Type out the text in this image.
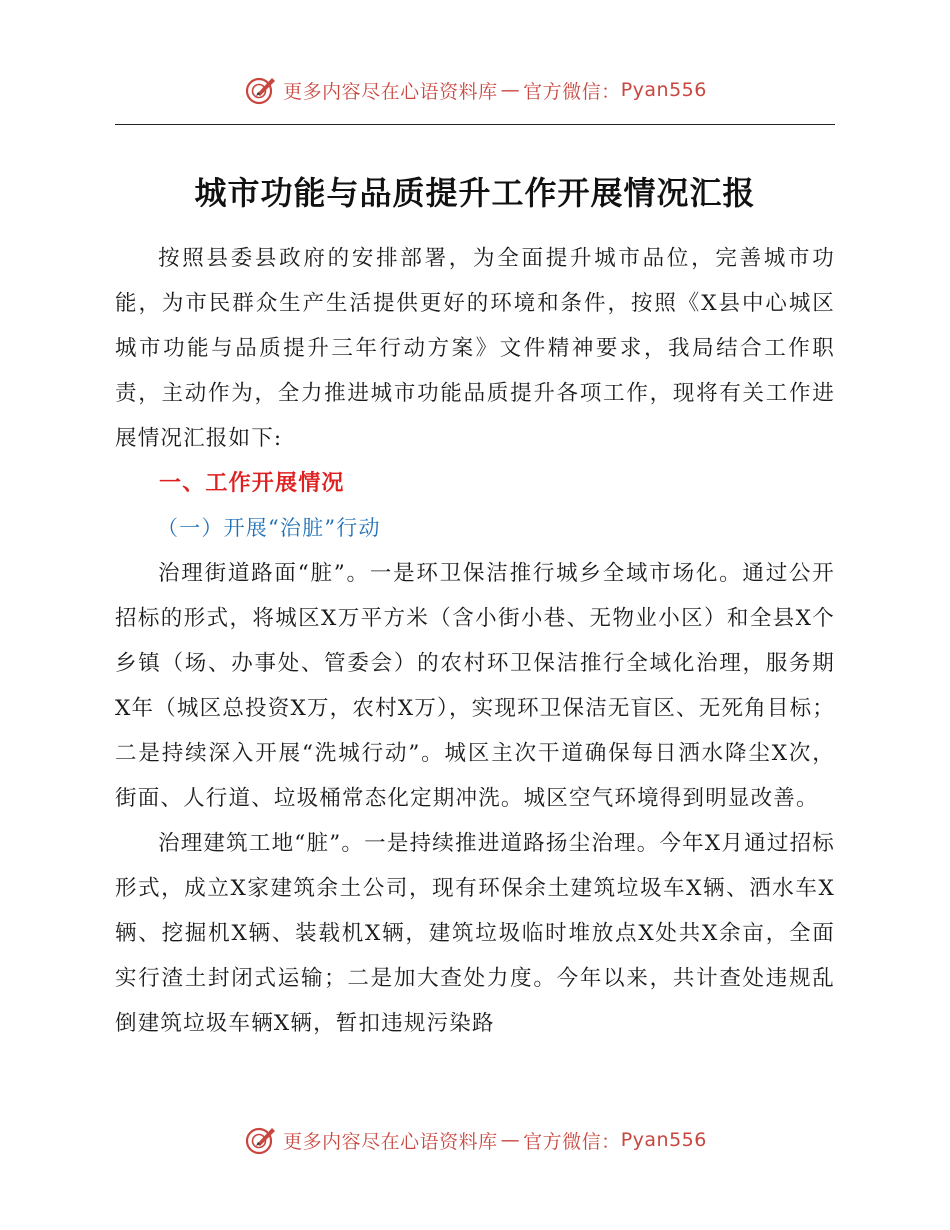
更多内容尽在心语资料库 — 官方微信： Pyan556
城市功能与品质提升工作开展情况汇报

按照县委县政府的安排部署，为全面提升城市品位，完善城市功能，为市民群众生产生活提供更好的环境和条件，按照《X县中心城区城市功能与品质提升三年行动方案》文件精神要求，我局结合工作职责，主动作为，全力推进城市功能品质提升各项工作，现将有关工作进展情况汇报如下:

一、工作开展情况

（一）开展“治脏”行动

治理街道路面“脏”。一是环卫保洁推行城乡全域市场化。通过公开招标的形式，将城区X万平方米（含小街小巷、无物业小区）和全县X个乡镇（场、办事处、管委会）的农村环卫保洁推行全域化治理，服务期X年（城区总投资X万，农村X万），实现环卫保洁无盲区、无死角目标；二是持续深入开展“洗城行动”。城区主次干道确保每日洒水降尘X次，街面、人行道、垃圾桶常态化定期冲洗。城区空气环境得到明显改善。

治理建筑工地“脏”。一是持续推进道路扬尘治理。今年X月通过招标形式，成立X家建筑余土公司，现有环保余土建筑垃圾车X辆、洒水车X辆、挖掘机X辆、装载机X辆，建筑垃圾临时堆放点X处共X余亩，全面实行渣土封闭式运输；二是加大查处力度。今年以来，共计查处违规乱倒建筑垃圾车辆X辆，暂扣违规污染路

更多内容尽在心语资料库 — 官方微信： Pyan556
